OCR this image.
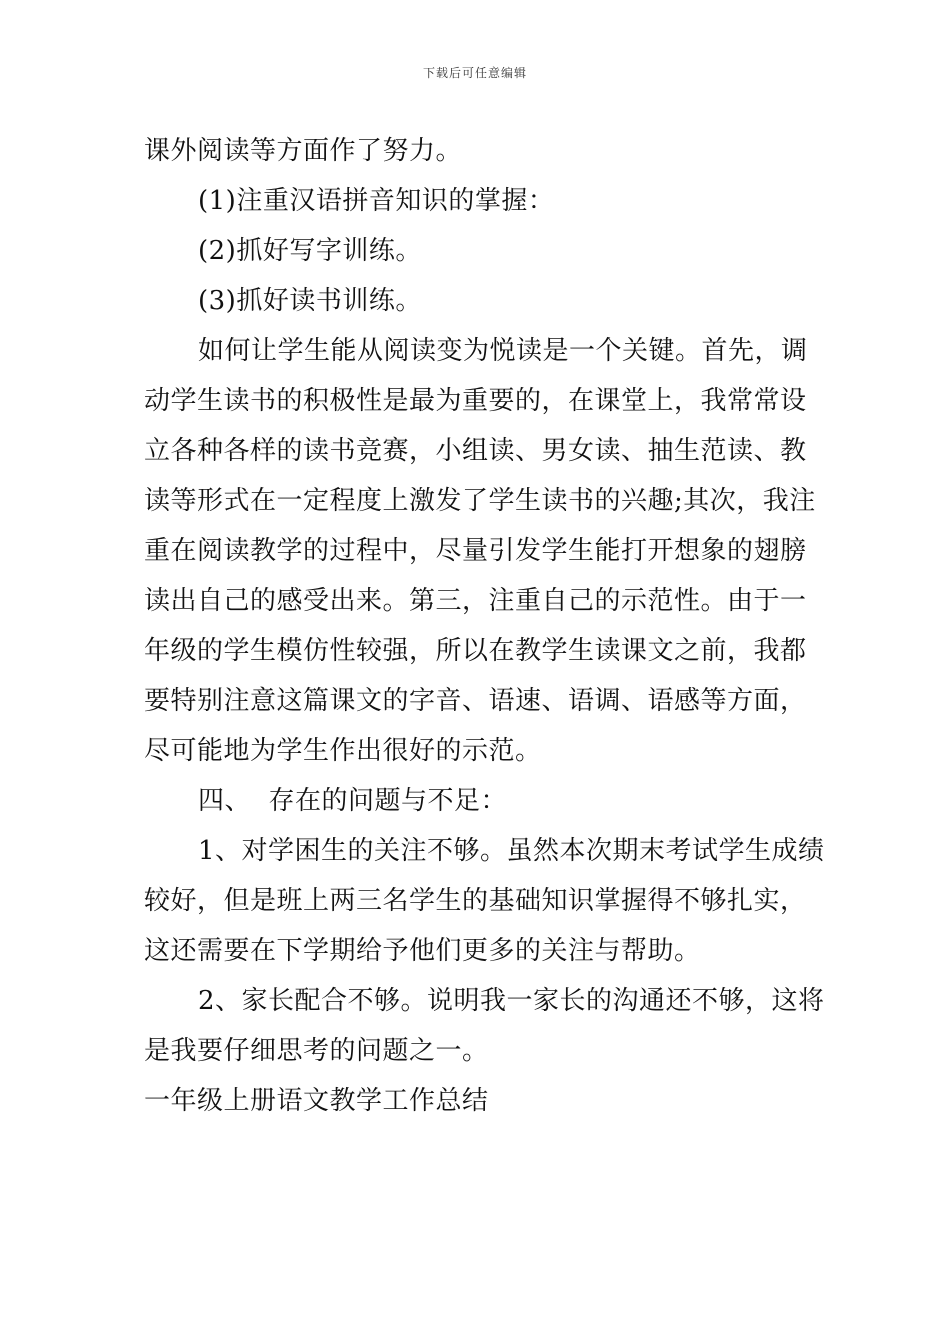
下载后可任意编辑
课外阅读等方面作了努力。
(1)注重汉语拼音知识的掌握：
(2)抓好写字训练。
(3)抓好读书训练。
如何让学生能从阅读变为悦读是一个关键。首先，调
动学生读书的积极性是最为重要的，在课堂上，我常常设
立各种各样的读书竞赛，小组读、男女读、抽生范读、教
读等形式在一定程度上激发了学生读书的兴趣;其次，我注
重在阅读教学的过程中，尽量引发学生能打开想象的翅膀
读出自己的感受出来。第三，注重自己的示范性。由于一
年级的学生模仿性较强，所以在教学生读课文之前，我都
要特别注意这篇课文的字音、语速、语调、语感等方面，
尽可能地为学生作出很好的示范。
四、  存在的问题与不足：
1、对学困生的关注不够。虽然本次期末考试学生成绩
较好，但是班上两三名学生的基础知识掌握得不够扎实，
这还需要在下学期给予他们更多的关注与帮助。
2、家长配合不够。说明我一家长的沟通还不够，这将
是我要仔细思考的问题之一。
一年级上册语文教学工作总结
